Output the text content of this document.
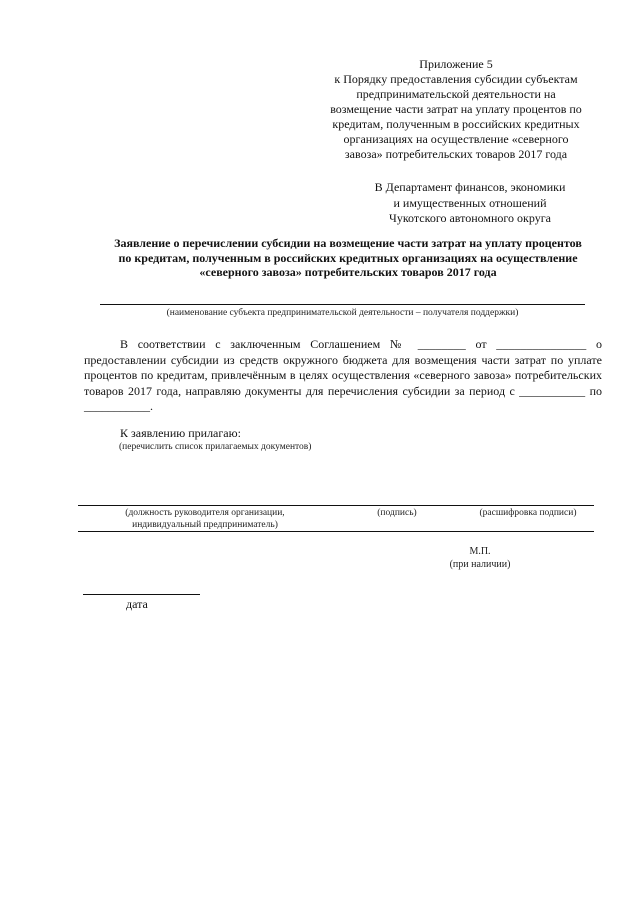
Приложение 5
к Порядку предоставления субсидии субъектам
предпринимательской деятельности на
возмещение части затрат на уплату процентов по
кредитам, полученным в российских кредитных
организациях на осуществление «северного
завоза» потребительских товаров 2017 года
В Департамент финансов, экономики
и имущественных отношений
Чукотского автономного округа
Заявление о перечислении субсидии на возмещение части затрат на уплату процентов
по кредитам, полученным в российских кредитных организациях на осуществление
«северного завоза» потребительских товаров 2017 года
(наименование субъекта предпринимательской деятельности – получателя поддержки)
В соответствии с заключенным Соглашением № ________ от _______________ о предоставлении субсидии из средств окружного бюджета для возмещения части затрат по уплате процентов по кредитам, привлечённым в целях осуществления «северного завоза» потребительских товаров 2017 года, направляю документы для перечисления субсидии за период с ___________ по ___________.
К заявлению прилагаю:
(перечислить список прилагаемых документов)
(должность руководителя организации,
индивидуальный предприниматель)
(подпись)	(расшифровка подписи)
М.П.
(при наличии)
дата
